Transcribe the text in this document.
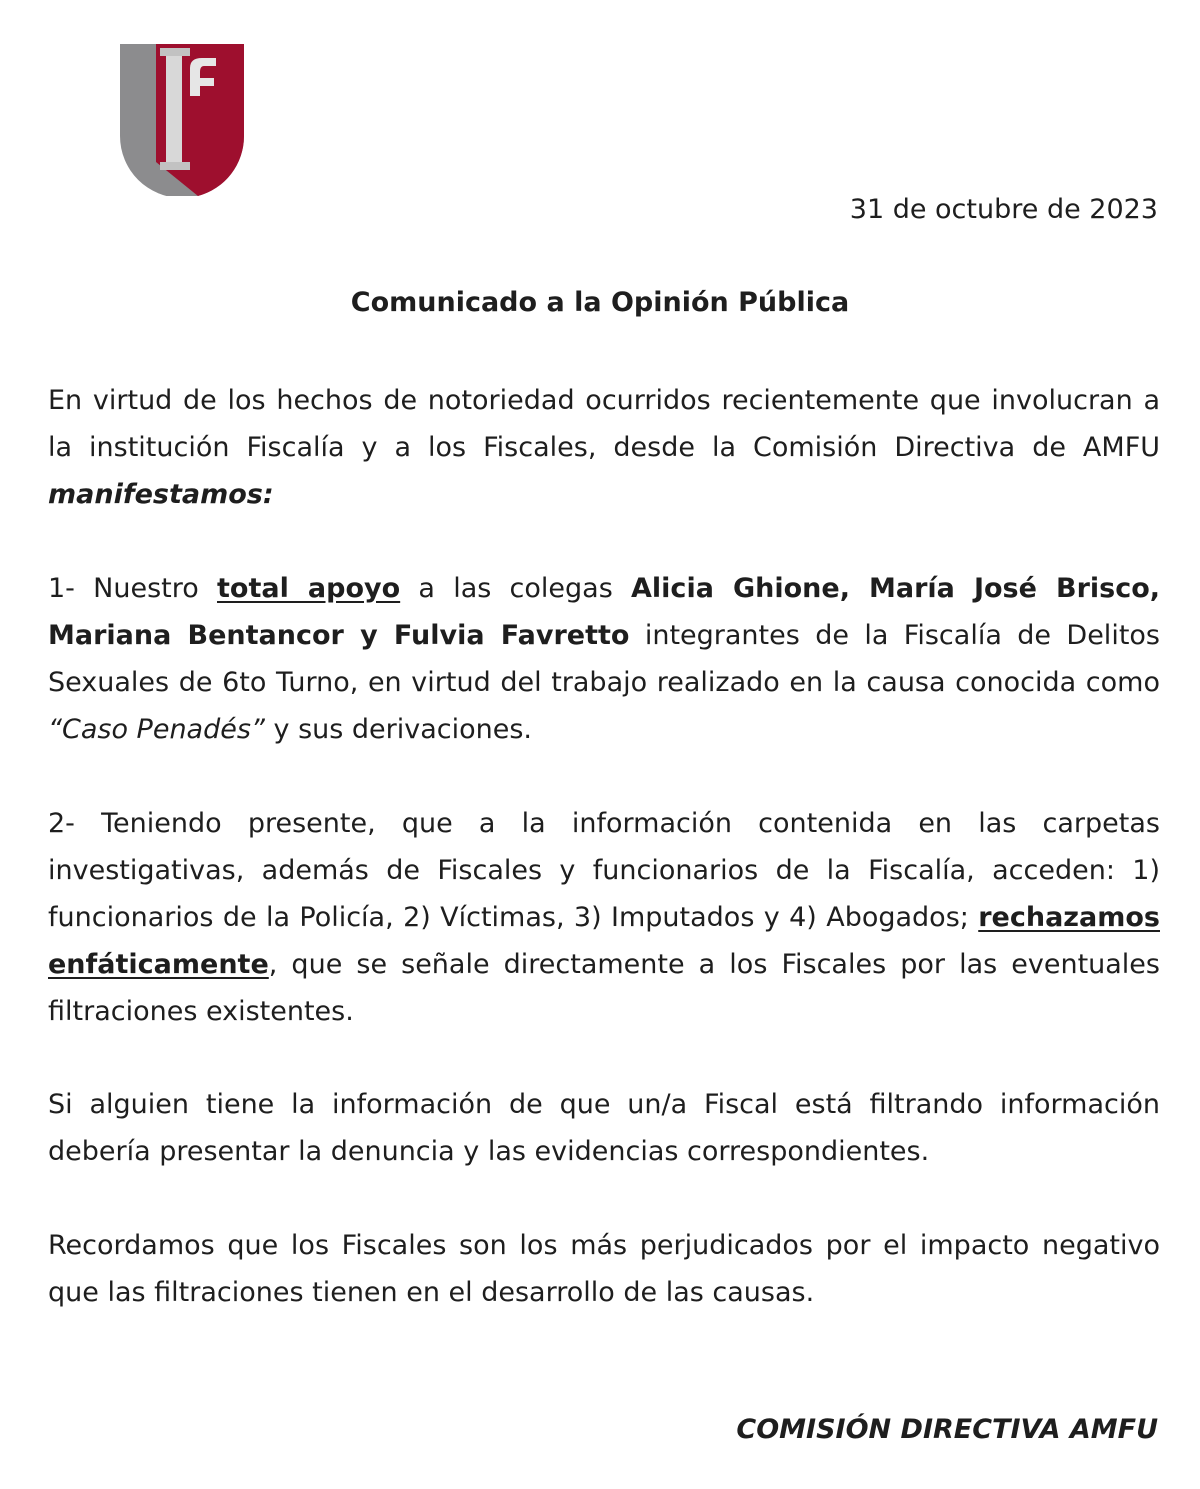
31 de octubre de 2023
Comunicado a la Opinión Pública

En virtud de los hechos de notoriedad ocurridos recientemente que involucran a la institución Fiscalía y a los Fiscales, desde la Comisión Directiva de AMFU manifestamos:

1- Nuestro total apoyo a las colegas Alicia Ghione, María José Brisco, Mariana Bentancor y Fulvia Favretto integrantes de la Fiscalía de Delitos Sexuales de 6to Turno, en virtud del trabajo realizado en la causa conocida como “Caso Penadés” y sus derivaciones.

2- Teniendo presente, que a la información contenida en las carpetas investigativas, además de Fiscales y funcionarios de la Fiscalía, acceden: 1) funcionarios de la Policía, 2) Víctimas, 3) Imputados y 4) Abogados; rechazamos enfáticamente, que se señale directamente a los Fiscales por las eventuales filtraciones existentes.

Si alguien tiene la información de que un/a Fiscal está filtrando información debería presentar la denuncia y las evidencias correspondientes.

Recordamos que los Fiscales son los más perjudicados por el impacto negativo que las filtraciones tienen en el desarrollo de las causas.

COMISIÓN DIRECTIVA AMFU
